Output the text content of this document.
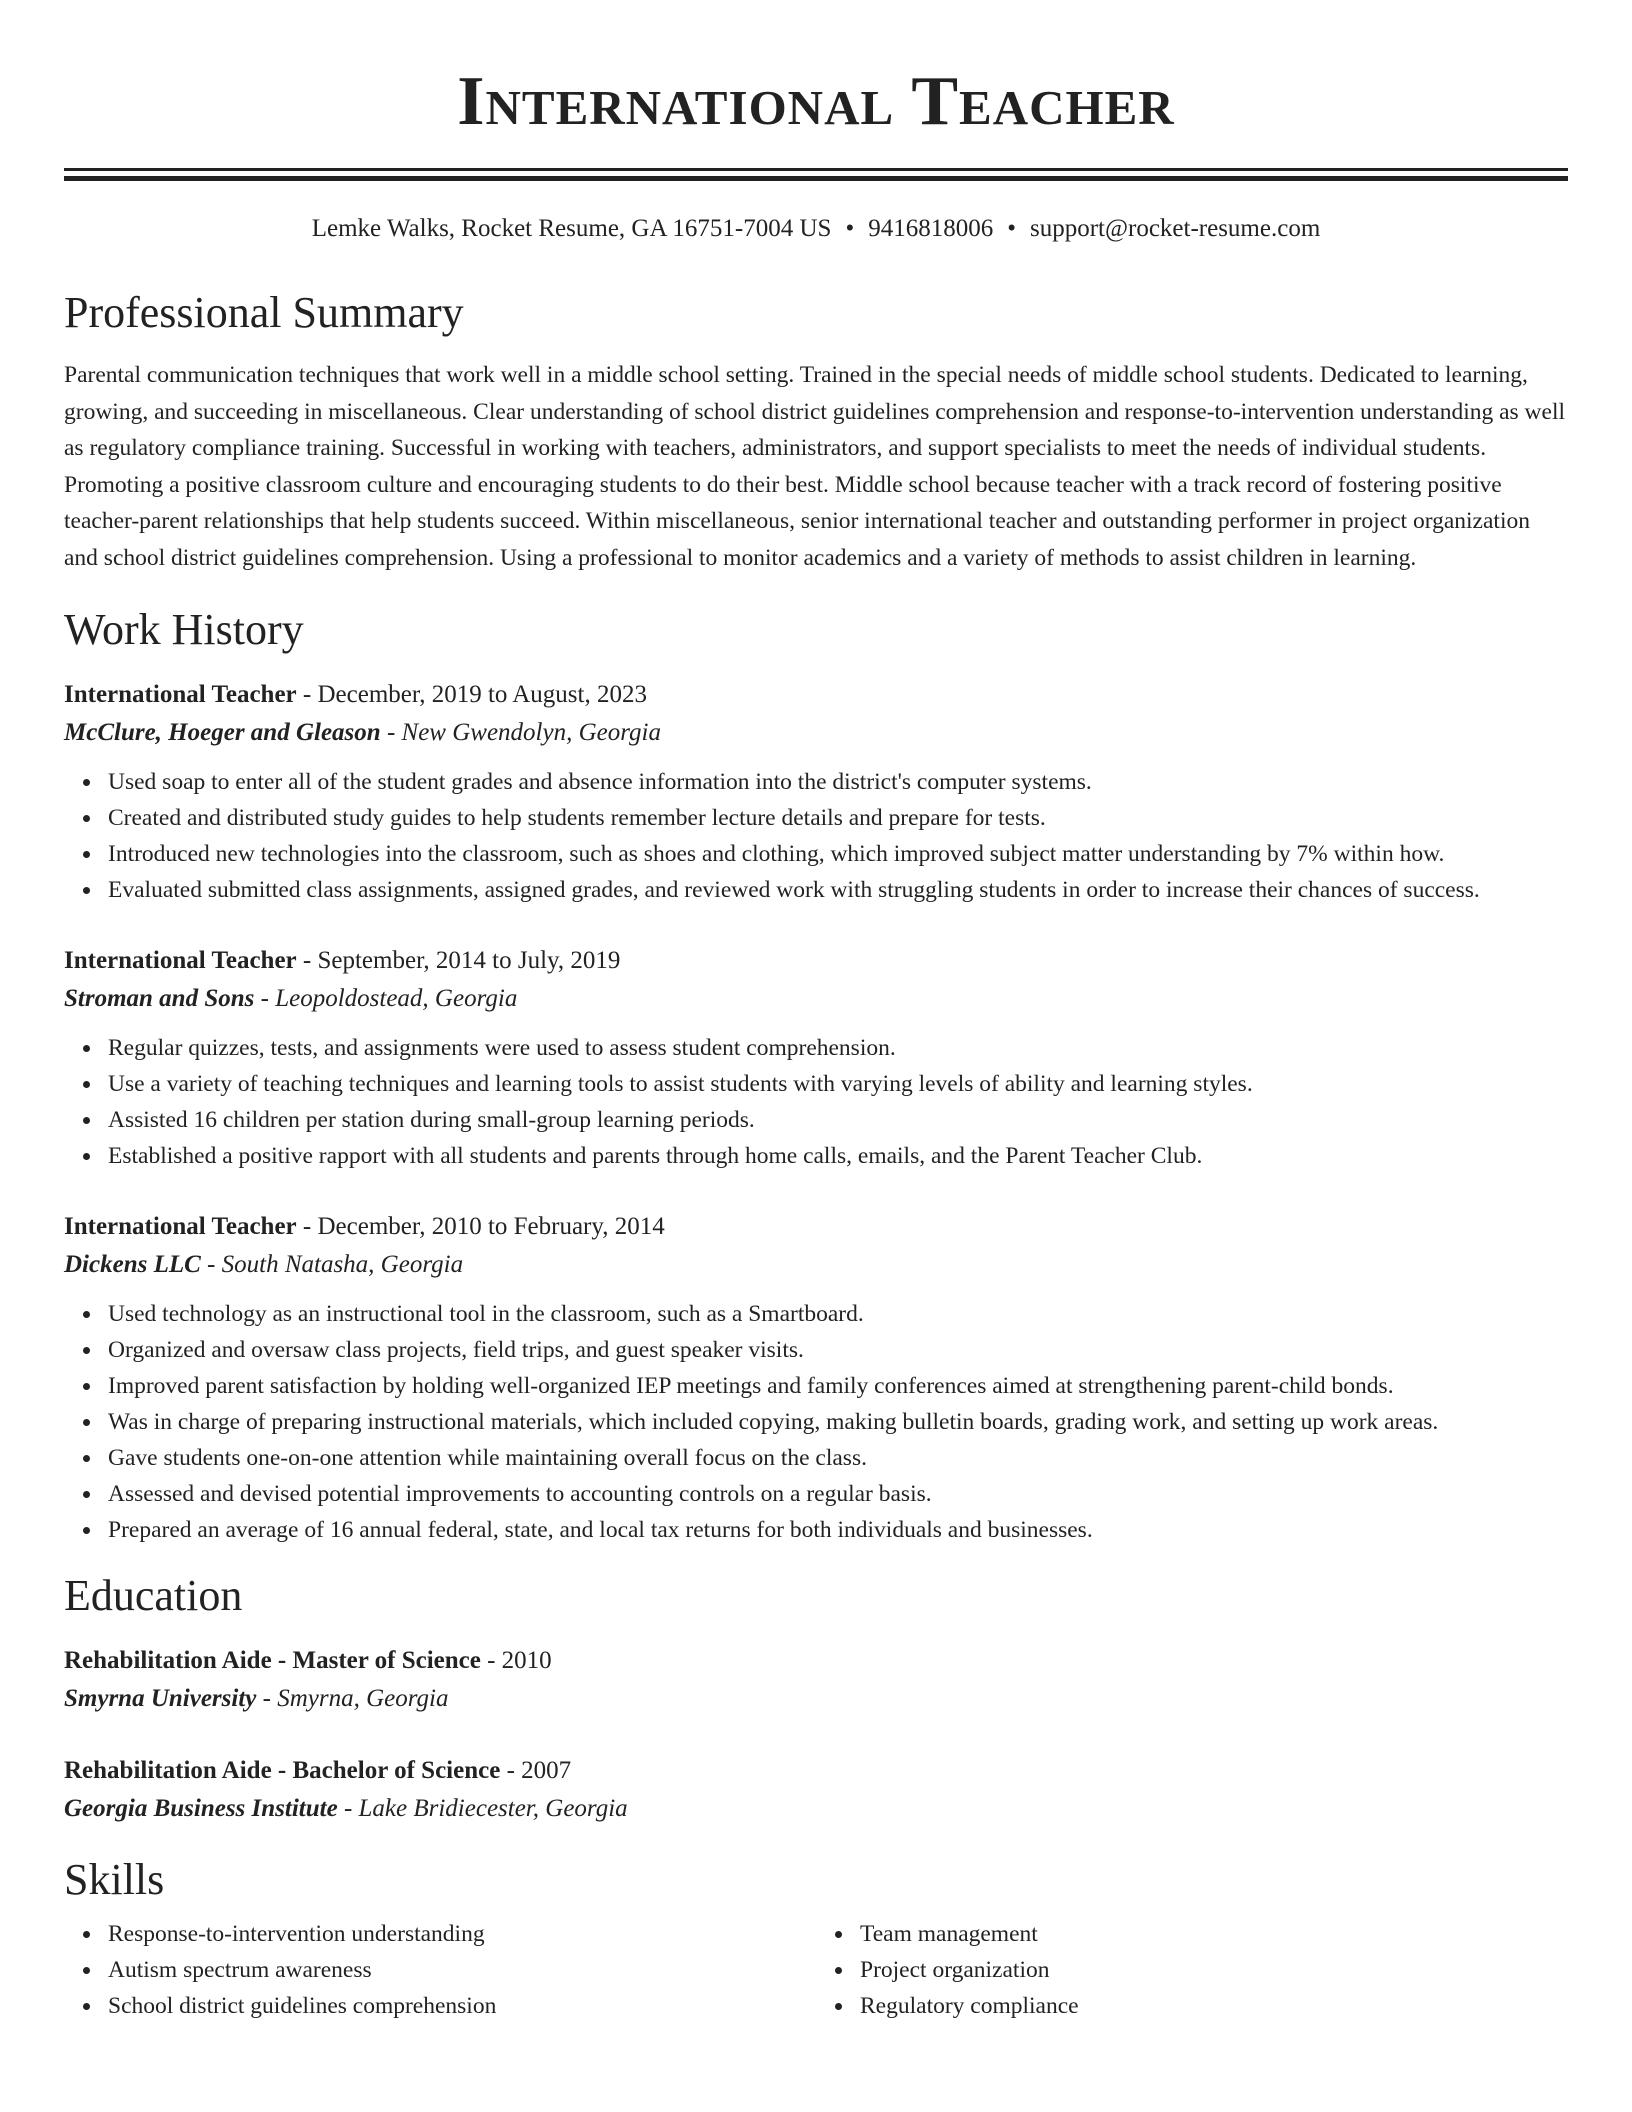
International Teacher
Lemke Walks, Rocket Resume, GA 16751-7004 US • 9416818006 • support@rocket-resume.com
Professional Summary
Parental communication techniques that work well in a middle school setting. Trained in the special needs of middle school students. Dedicated to learning, growing, and succeeding in miscellaneous. Clear understanding of school district guidelines comprehension and response-to-intervention understanding as well as regulatory compliance training. Successful in working with teachers, administrators, and support specialists to meet the needs of individual students. Promoting a positive classroom culture and encouraging students to do their best. Middle school because teacher with a track record of fostering positive teacher-parent relationships that help students succeed. Within miscellaneous, senior international teacher and outstanding performer in project organization and school district guidelines comprehension. Using a professional to monitor academics and a variety of methods to assist children in learning.
Work History
International Teacher - December, 2019 to August, 2023
McClure, Hoeger and Gleason - New Gwendolyn, Georgia
Used soap to enter all of the student grades and absence information into the district's computer systems.
Created and distributed study guides to help students remember lecture details and prepare for tests.
Introduced new technologies into the classroom, such as shoes and clothing, which improved subject matter understanding by 7% within how.
Evaluated submitted class assignments, assigned grades, and reviewed work with struggling students in order to increase their chances of success.
International Teacher - September, 2014 to July, 2019
Stroman and Sons - Leopoldostead, Georgia
Regular quizzes, tests, and assignments were used to assess student comprehension.
Use a variety of teaching techniques and learning tools to assist students with varying levels of ability and learning styles.
Assisted 16 children per station during small-group learning periods.
Established a positive rapport with all students and parents through home calls, emails, and the Parent Teacher Club.
International Teacher - December, 2010 to February, 2014
Dickens LLC - South Natasha, Georgia
Used technology as an instructional tool in the classroom, such as a Smartboard.
Organized and oversaw class projects, field trips, and guest speaker visits.
Improved parent satisfaction by holding well-organized IEP meetings and family conferences aimed at strengthening parent-child bonds.
Was in charge of preparing instructional materials, which included copying, making bulletin boards, grading work, and setting up work areas.
Gave students one-on-one attention while maintaining overall focus on the class.
Assessed and devised potential improvements to accounting controls on a regular basis.
Prepared an average of 16 annual federal, state, and local tax returns for both individuals and businesses.
Education
Rehabilitation Aide - Master of Science - 2010
Smyrna University - Smyrna, Georgia
Rehabilitation Aide - Bachelor of Science - 2007
Georgia Business Institute - Lake Bridiecester, Georgia
Skills
Response-to-intervention understanding
Autism spectrum awareness
School district guidelines comprehension
Team management
Project organization
Regulatory compliance
